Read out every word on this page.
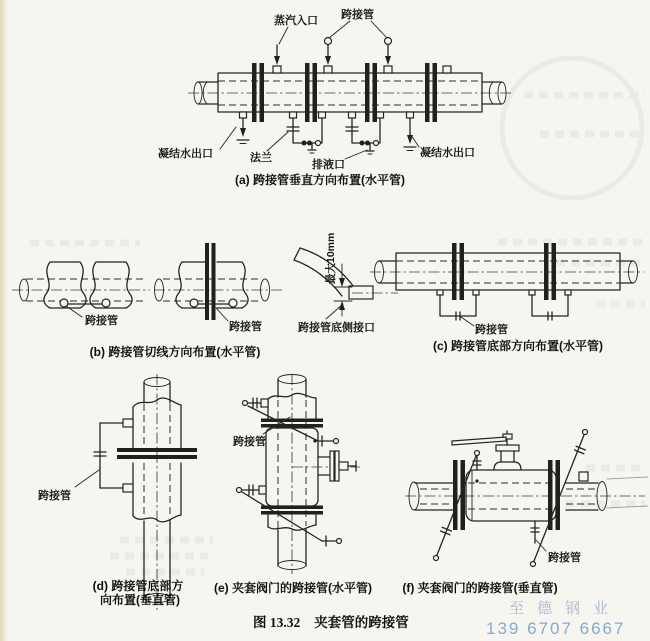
蒸汽入口 跨接管
凝结水出口	法兰
排液口
凝结水出口
(a) 跨接管垂直方向布置(水平管)
跨接管	跨接管
最大10mm
跨接管底侧接口
(b) 跨接管切线方向布置(水平管)
跨接管
(c) 跨接管底部方向布置(水平管)
跨接管
(d) 跨接管底部方
向布置(垂直管)
跨接管
(e) 夹套阀门的跨接管(水平管)
跨接管
(f) 夹套阀门的跨接管(垂直管)
图 13.32 夹套管的跨接管
至德钢业
139 6707 6667
